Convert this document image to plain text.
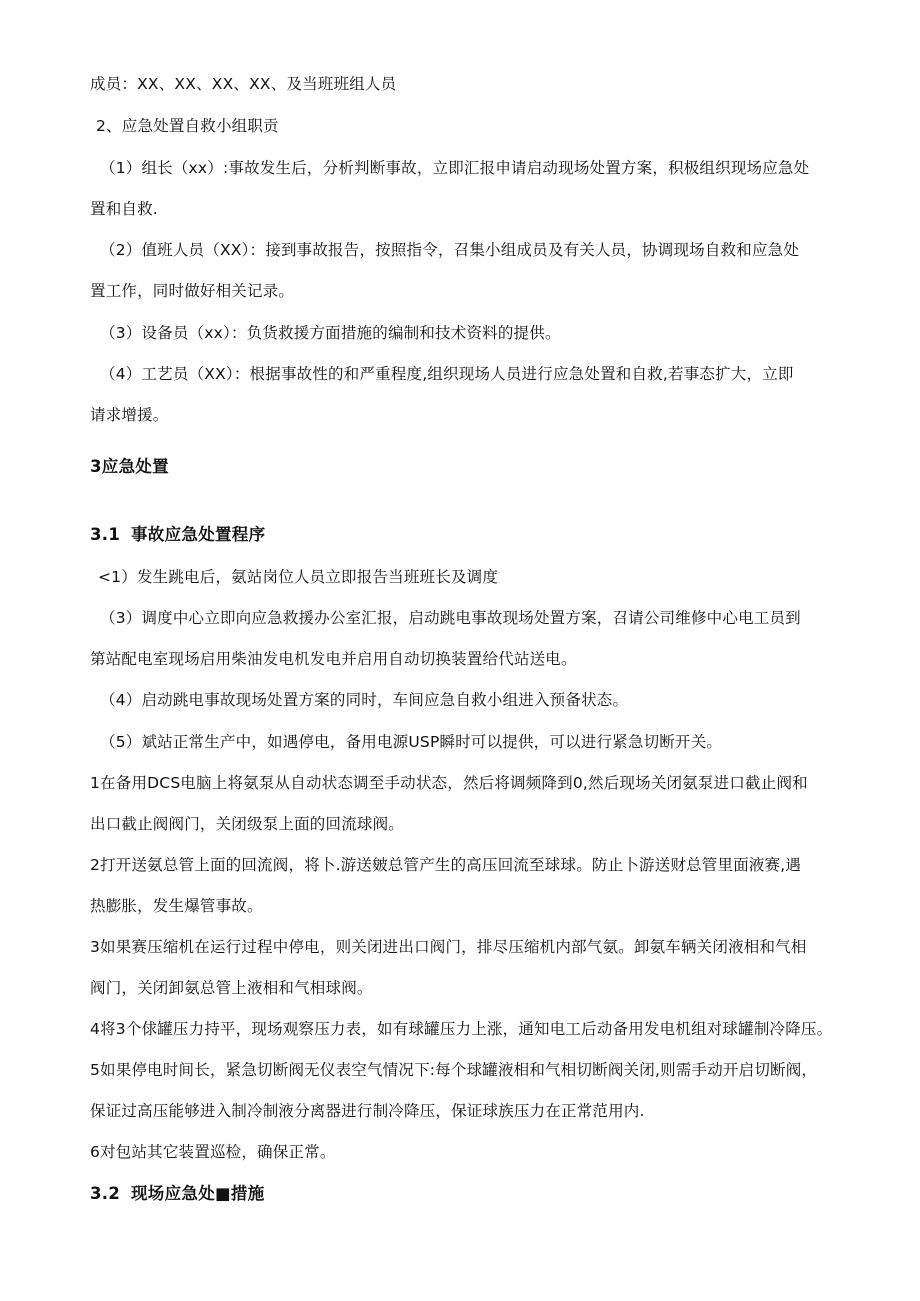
成员：XX、XX、XX、XX、及当班班组人员
2、应急处置自救小组职贡
（1）组长（xx）:事故发生后，分析判断事故，立即汇报申请启动现场处置方案，积极组织现场应急处
置和自救.
（2）值班人员（XX）：接到事故报告，按照指令，召集小组成员及有关人员，协调现场自救和应急处
置工作，同时做好相关记录。
（3）设备员（xx）：负货救援方面措施的编制和技术资料的提供。
（4）工艺员（XX）：根据事故性的和严重程度,组织现场人员进行应急处置和自救,若事态扩大，立即
请求增援。
3应急处置
3.1 事故应急处置程序
<1）发生跳电后，氨站岗位人员立即报告当班班长及调度
（3）调度中心立即向应急救援办公室汇报，启动跳电事故现场处置方案，召请公司维修中心电工员到
第站配电室现场启用柴油发电机发电并启用自动切换装置给代站送电。
（4）启动跳电事故现场处置方案的同时，车间应急自救小组进入预备状态。
（5）斌站正常生产中，如遇停电，备用电源USP瞬时可以提供，可以进行紧急切断开关。
1在备用DCS电脑上将氨泵从自动状态调至手动状态，然后将调频降到0,然后现场关闭氨泵进口截止阀和
出口截止阀阀门，关闭级泵上面的回流球阀。
2打开送氨总管上面的回流阀，将卜.游送皴总管产生的高压回流至球球。防止卜游送财总管里面液赛,遇
热膨胀，发生爆管事故。
3如果赛压缩机在运行过程中停电，则关闭进出口阀门，排尽压缩机内部气氨。卸氨车辆关闭液相和气相
阀门，关闭卸氨总管上液相和气相球阀。
4将3个俅罐压力持平，现场观察压力表，如有球罐压力上涨，通知电工后动备用发电机组对球罐制冷降压。
5如果停电时间长，紧急切断阀无仪表空气情况下:每个球罐液相和气相切断阀关闭,则需手动开启切断阀，
保证过高压能够进入制冷制液分离器进行制冷降压，保证球族压力在正常范用内.
6对包站其它装置巡检，确保正常。
3.2 现场应急处■措施
